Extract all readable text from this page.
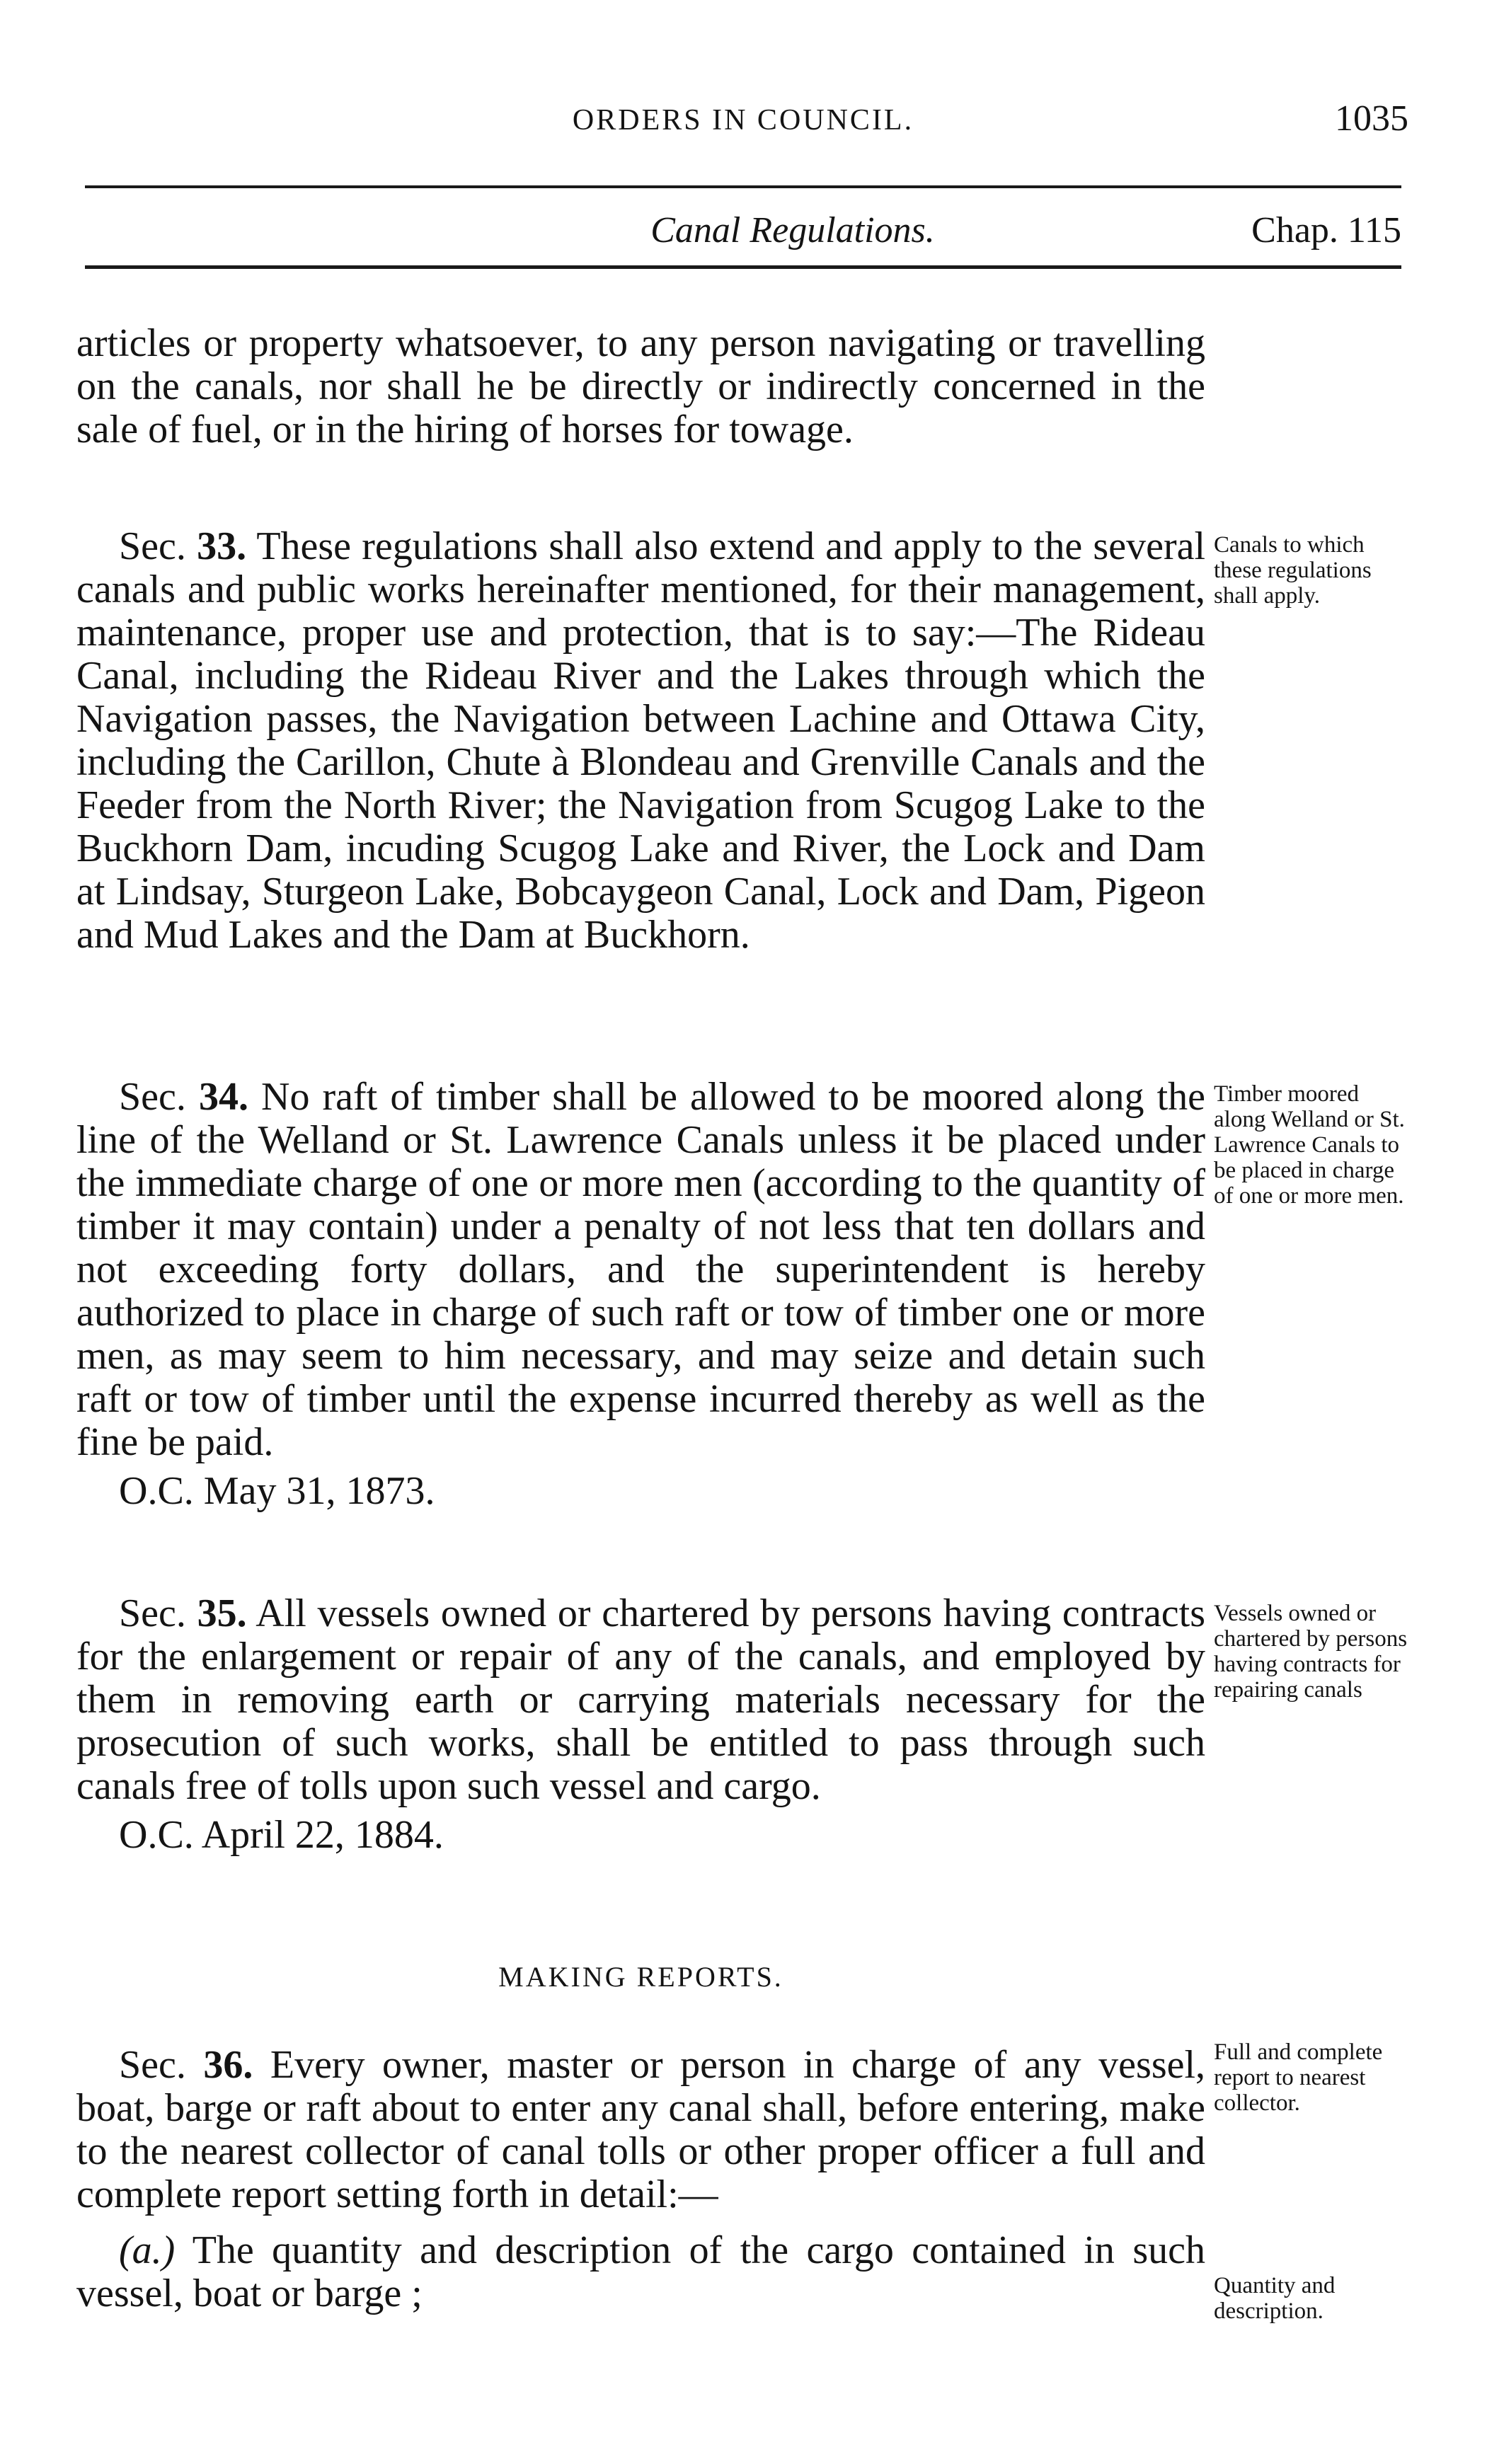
ORDERS IN COUNCIL.	1035
Canal Regulations.	Chap. 115

articles or property whatsoever, to any person navigating or travelling on the canals, nor shall he be directly or indirectly concerned in the sale of fuel, or in the hiring of horses for towage.

Sec. 33. These regulations shall also extend and apply to the several canals and public works hereinafter mentioned, for their management, maintenance, proper use and protection, that is to say:—The Rideau Canal, including the Rideau River and the Lakes through which the Navigation passes, the Navigation between Lachine and Ottawa City, including the Carillon, Chute à Blondeau and Grenville Canals and the Feeder from the North River; the Navigation from Scugog Lake to the Buckhorn Dam, incuding Scugog Lake and River, the Lock and Dam at Lindsay, Sturgeon Lake, Bobcaygeon Canal, Lock and Dam, Pigeon and Mud Lakes and the Dam at Buckhorn.

Canals to which these regulations shall apply.

Sec. 34. No raft of timber shall be allowed to be moored along the line of the Welland or St. Lawrence Canals unless it be placed under the immediate charge of one or more men (according to the quantity of timber it may contain) under a penalty of not less that ten dollars and not exceeding forty dollars, and the superintendent is hereby authorized to place in charge of such raft or tow of timber one or more men, as may seem to him necessary, and may seize and detain such raft or tow of timber until the expense incurred thereby as well as the fine be paid.

O.C. May 31, 1873.

Timber moored along Welland or St. Lawrence Canals to be placed in charge of one or more men.

Sec. 35. All vessels owned or chartered by persons having contracts for the enlargement or repair of any of the canals, and employed by them in removing earth or carrying materials necessary for the prosecution of such works, shall be entitled to pass through such canals free of tolls upon such vessel and cargo.

O.C. April 22, 1884.

Vessels owned or chartered by persons having contracts for repairing canals
MAKING REPORTS.

Sec. 36. Every owner, master or person in charge of any vessel, boat, barge or raft about to enter any canal shall, before entering, make to the nearest collector of canal tolls or other proper officer a full and complete report setting forth in detail:—

(a.) The quantity and description of the cargo contained in such vessel, boat or barge ;

Full and complete report to nearest collector.
Quantity and description.
